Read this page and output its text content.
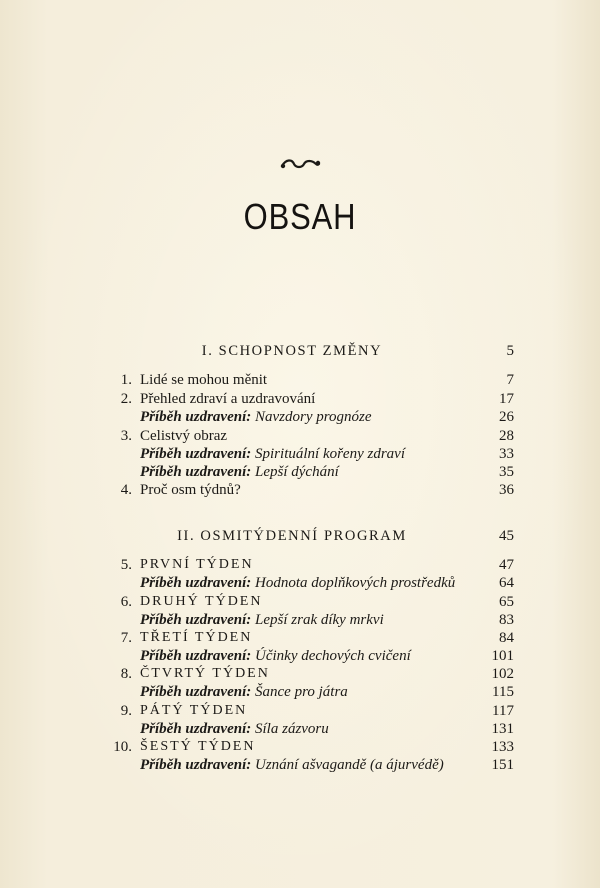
OBSAH
I. SCHOPNOST ZMĚNY	5
1. Lidé se mohou měnit	7
2. Přehled zdraví a uzdravování	17
Příběh uzdravení: Navzdory prognóze	26
3. Celistvý obraz	28
Příběh uzdravení: Spirituální kořeny zdraví	33
Příběh uzdravení: Lepší dýchání	35
4. Proč osm týdnů?	36
II. OSMITÝDENNÍ PROGRAM	45
5. PRVNÍ TÝDEN	47
Příběh uzdravení: Hodnota doplňkových prostředků	64
6. DRUHÝ TÝDEN	65
Příběh uzdravení: Lepší zrak díky mrkvi	83
7. TŘETÍ TÝDEN	84
Příběh uzdravení: Účinky dechových cvičení	101
8. ČTVRTÝ TÝDEN	102
Příběh uzdravení: Šance pro játra	115
9. PÁTÝ TÝDEN	117
Příběh uzdravení: Síla zázvoru	131
10. ŠESTÝ TÝDEN	133
Příběh uzdravení: Uznání ašvagandě (a ájurvédě)	151
